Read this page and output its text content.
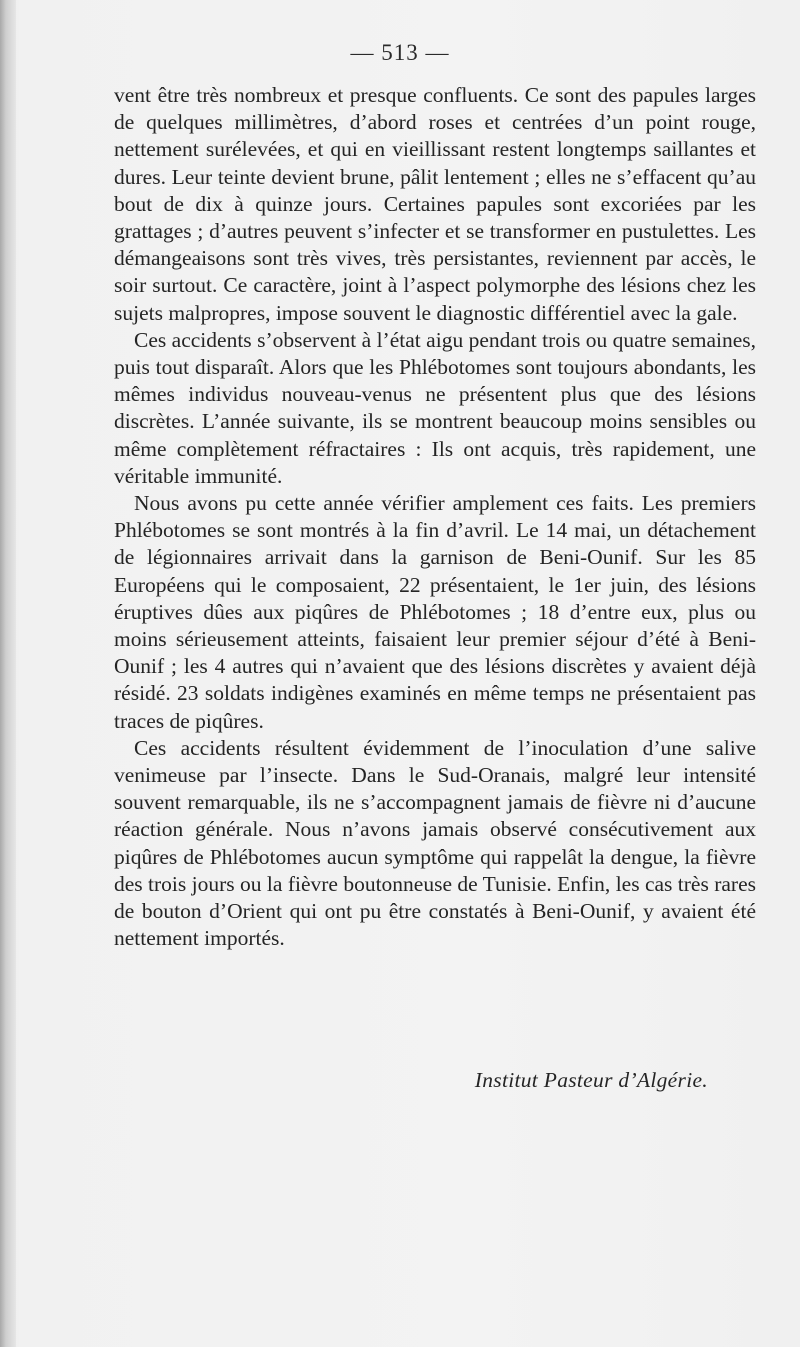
— 513 —

vent être très nombreux et presque confluents. Ce sont des papules larges de quelques millimètres, d’abord roses et centrées d’un point rouge, nettement surélevées, et qui en vieillissant restent longtemps saillantes et dures. Leur teinte devient brune, pâlit lentement ; elles ne s’effacent qu’au bout de dix à quinze jours. Certaines papules sont excoriées par les grattages ; d’autres peuvent s’infecter et se transformer en pustulettes. Les démangeaisons sont très vives, très persistantes, reviennent par accès, le soir surtout. Ce caractère, joint à l’aspect polymorphe des lésions chez les sujets malpropres, impose souvent le diagnostic différentiel avec la gale.

Ces accidents s’observent à l’état aigu pendant trois ou quatre semaines, puis tout disparaît. Alors que les Phlébotomes sont toujours abondants, les mêmes individus nouveau-venus ne présentent plus que des lésions discrètes. L’année suivante, ils se montrent beaucoup moins sensibles ou même complètement réfractaires : Ils ont acquis, très rapidement, une véritable immunité.

Nous avons pu cette année vérifier amplement ces faits. Les premiers Phlébotomes se sont montrés à la fin d’avril. Le 14 mai, un détachement de légionnaires arrivait dans la garnison de Beni-Ounif. Sur les 85 Européens qui le composaient, 22 présentaient, le 1er juin, des lésions éruptives dûes aux piqûres de Phlébotomes ; 18 d’entre eux, plus ou moins sérieusement atteints, faisaient leur premier séjour d’été à Beni-Ounif ; les 4 autres qui n’avaient que des lésions discrètes y avaient déjà résidé. 23 soldats indigènes examinés en même temps ne présentaient pas traces de piqûres.

Ces accidents résultent évidemment de l’inoculation d’une salive venimeuse par l’insecte. Dans le Sud-Oranais, malgré leur intensité souvent remarquable, ils ne s’accompagnent jamais de fièvre ni d’aucune réaction générale. Nous n’avons jamais observé consécutivement aux piqûres de Phlébotomes aucun symptôme qui rappelât la dengue, la fièvre des trois jours ou la fièvre boutonneuse de Tunisie. Enfin, les cas très rares de bouton d’Orient qui ont pu être constatés à Beni-Ounif, y avaient été nettement importés.

Institut Pasteur d’Algérie.
